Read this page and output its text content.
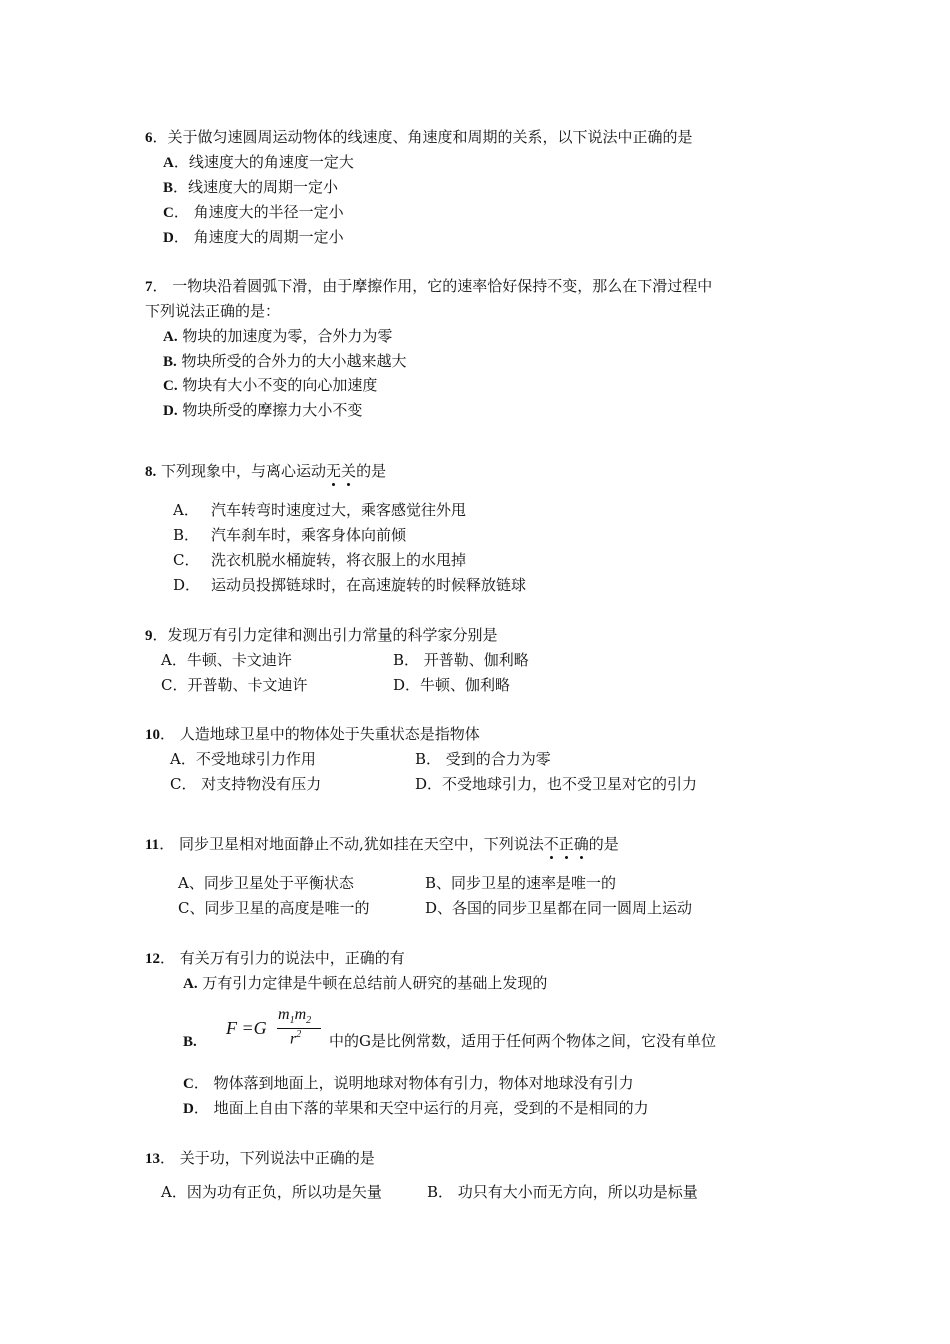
6．关于做匀速圆周运动物体的线速度、角速度和周期的关系，以下说法中正确的是
A．线速度大的角速度一定大
B．线速度大的周期一定小
C． 角速度大的半径一定小
D． 角速度大的周期一定小
7． 一物块沿着圆弧下滑，由于摩擦作用，它的速率恰好保持不变，那么在下滑过程中
下列说法正确的是：
A. 物块的加速度为零，合外力为零
B. 物块所受的合外力的大小越来越大
C. 物块有大小不变的向心加速度
D. 物块所受的摩擦力大小不变
8. 下列现象中，与离心运动无关的是
A． 汽车转弯时速度过大，乘客感觉往外甩
B． 汽车刹车时，乘客身体向前倾
C． 洗衣机脱水桶旋转，将衣服上的水甩掉
D． 运动员投掷链球时，在高速旋转的时候释放链球
9．发现万有引力定律和测出引力常量的科学家分别是
A．牛顿、卡文迪许	B． 开普勒、伽利略
C．开普勒、卡文迪许	D．牛顿、伽利略
10． 人造地球卫星中的物体处于失重状态是指物体
A．不受地球引力作用	B． 受到的合力为零
C． 对支持物没有压力	D．不受地球引力，也不受卫星对它的引力
11． 同步卫星相对地面静止不动,犹如挂在天空中，下列说法不正确的是
A、同步卫星处于平衡状态	B、同步卫星的速率是唯一的
C、同步卫星的高度是唯一的	D、各国的同步卫星都在同一圆周上运动
12． 有关万有引力的说法中，正确的有
A. 万有引力定律是牛顿在总结前人研究的基础上发现的
B.
F =G
$m_1m_2$
$r^2$ 中的G是比例常数，适用于任何两个物体之间，它没有单位
C． 物体落到地面上，说明地球对物体有引力，物体对地球没有引力
D． 地面上自由下落的苹果和天空中运行的月亮，受到的不是相同的力
13． 关于功，下列说法中正确的是
A．因为功有正负，所以功是矢量	B． 功只有大小而无方向，所以功是标量
